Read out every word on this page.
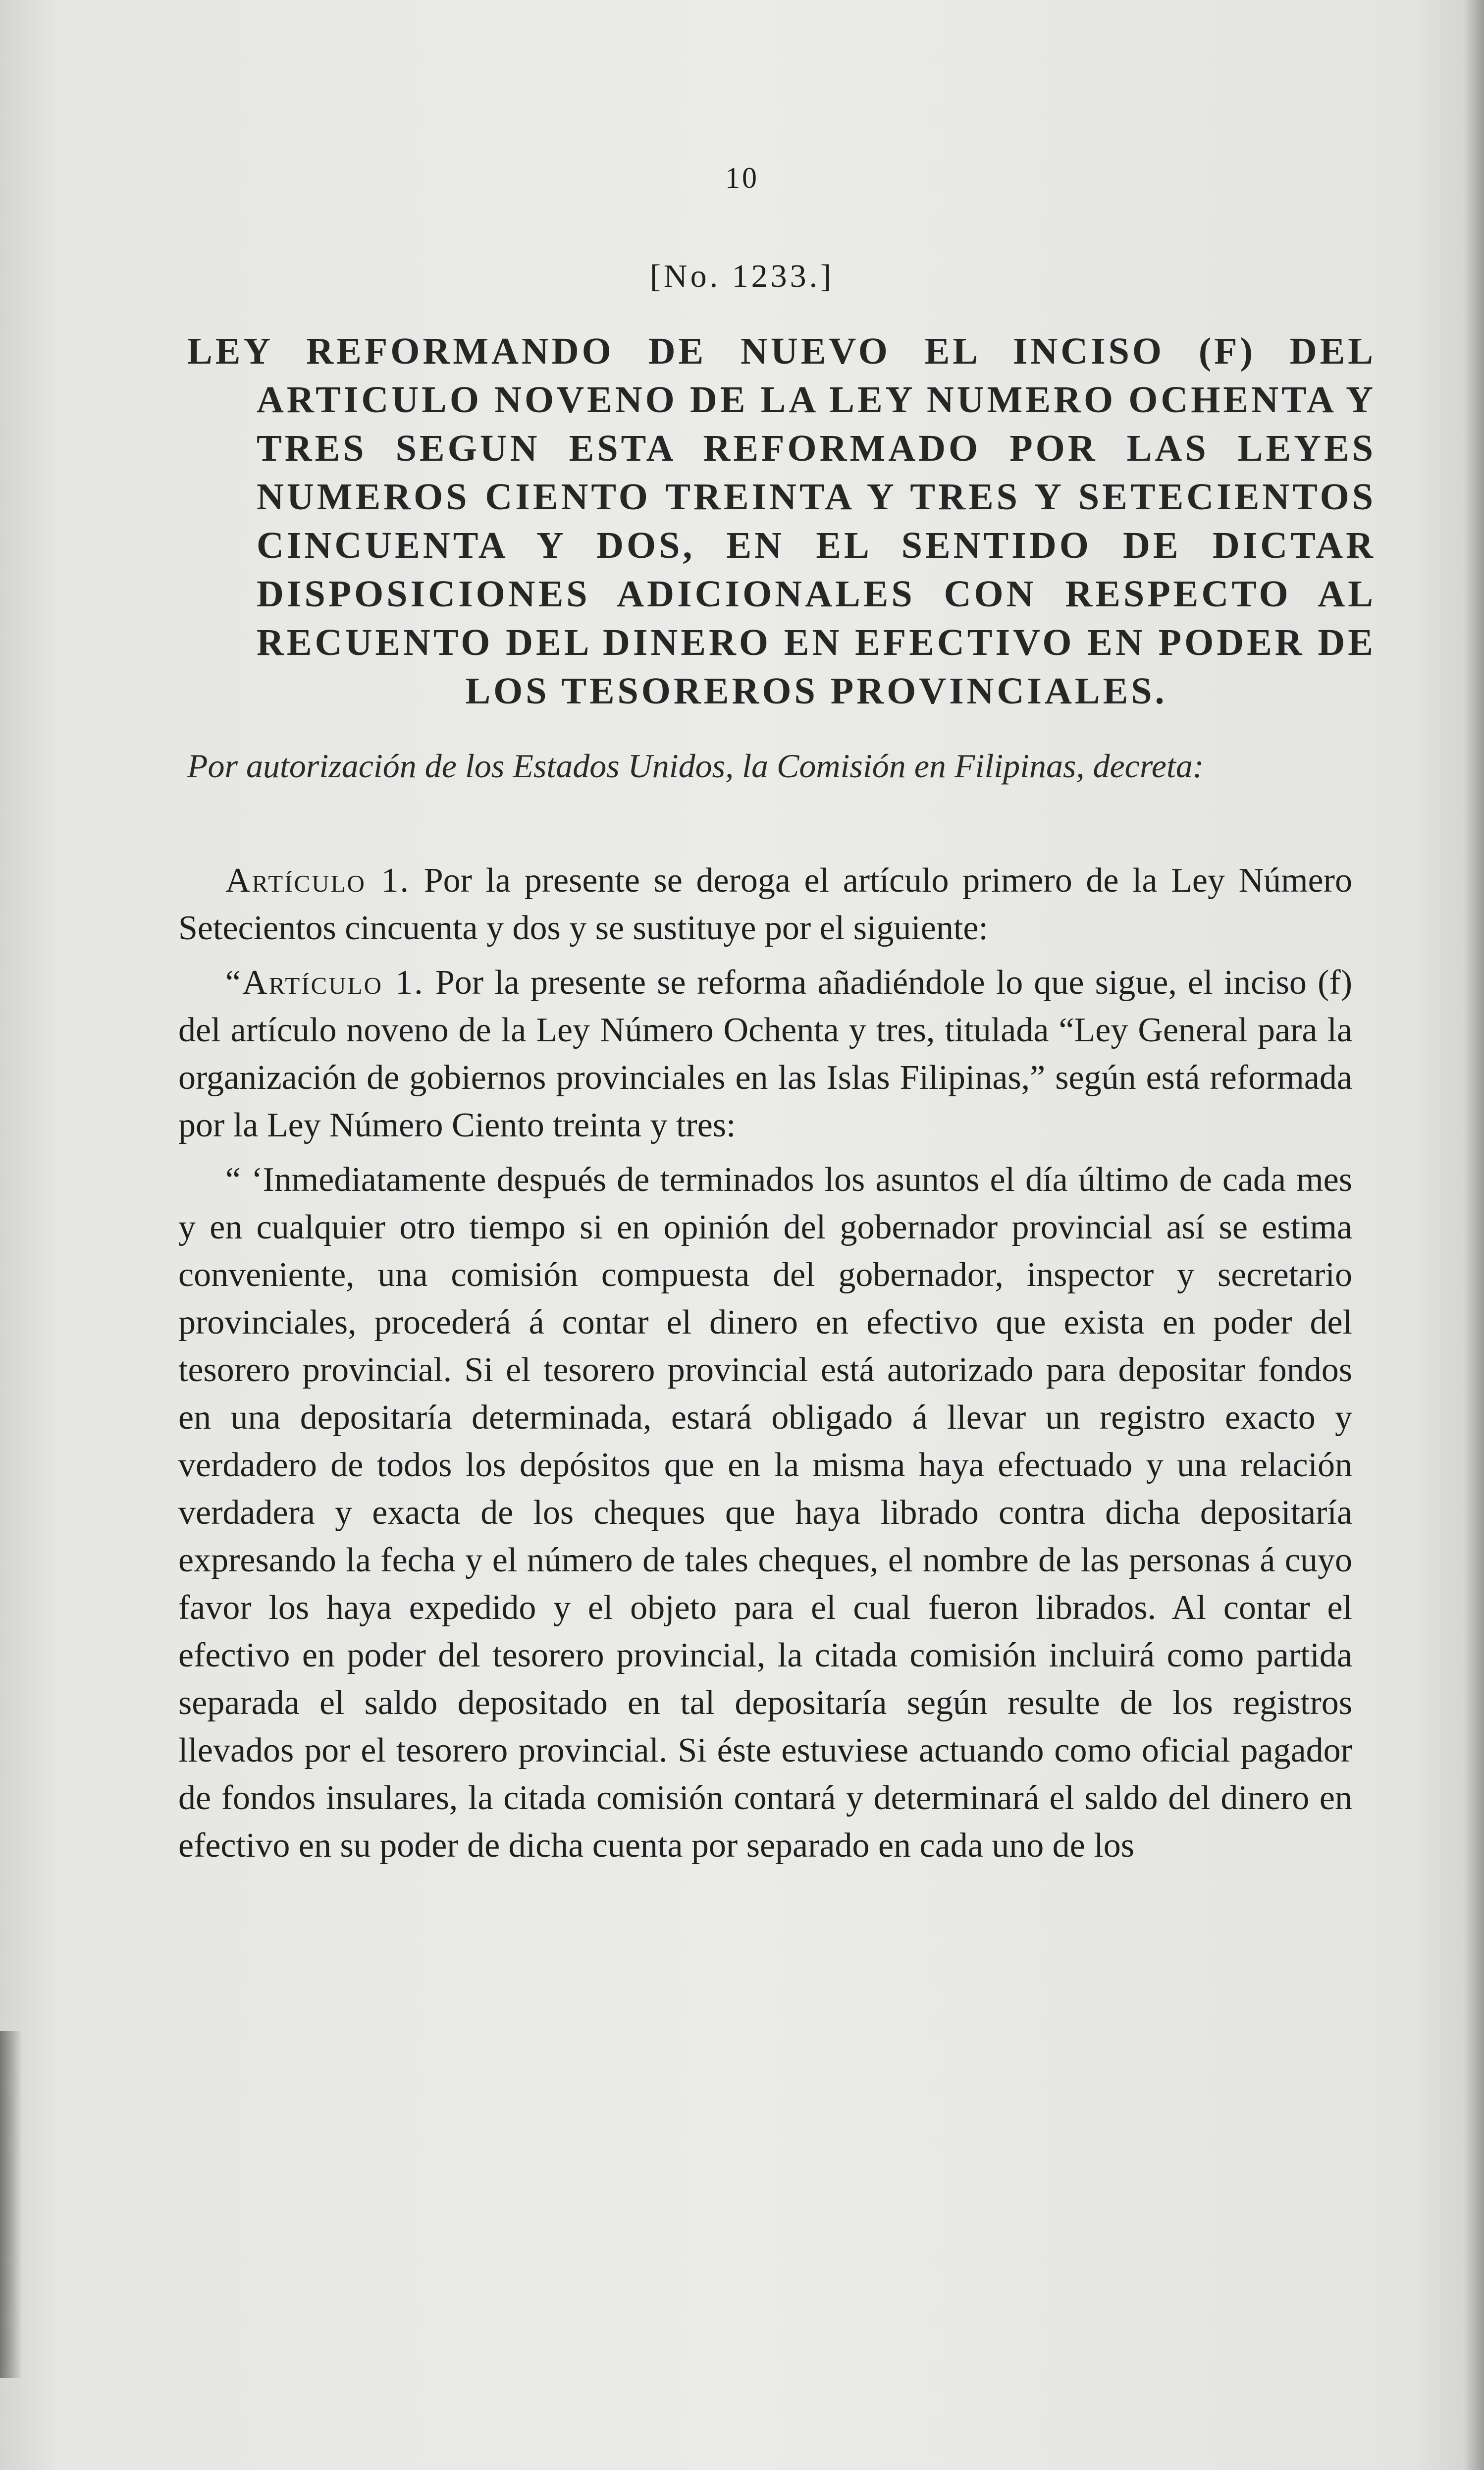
10
[No. 1233.]
LEY REFORMANDO DE NUEVO EL INCISO (F) DEL ARTICULO NOVENO DE LA LEY NUMERO OCHENTA Y TRES SEGUN ESTA REFORMADO POR LAS LEYES NUMEROS CIENTO TREINTA Y TRES Y SETECIENTOS CINCUENTA Y DOS, EN EL SENTIDO DE DICTAR DISPOSICIONES ADICIONALES CON RESPECTO AL RECUENTO DEL DINERO EN EFECTIVO EN PODER DE LOS TESOREROS PROVINCIALES.
Por autorización de los Estados Unidos, la Comisión en Filipinas, decreta:

Artículo 1. Por la presente se deroga el artículo primero de la Ley Número Setecientos cincuenta y dos y se sustituye por el siguiente:

“Artículo 1. Por la presente se reforma añadiéndole lo que sigue, el inciso (f) del artículo noveno de la Ley Número Ochenta y tres, titulada “Ley General para la organización de gobiernos provinciales en las Islas Filipinas,” según está reformada por la Ley Número Ciento treinta y tres:

“ ‘Inmediatamente después de terminados los asuntos el día último de cada mes y en cualquier otro tiempo si en opinión del gobernador provincial así se estima conveniente, una comisión compuesta del gobernador, inspector y secretario provinciales, procederá á contar el dinero en efectivo que exista en poder del tesorero provincial. Si el tesorero provincial está autorizado para depositar fondos en una depositaría determinada, estará obligado á llevar un registro exacto y verdadero de todos los depósitos que en la misma haya efectuado y una relación verdadera y exacta de los cheques que haya librado contra dicha depositaría expresando la fecha y el número de tales cheques, el nombre de las personas á cuyo favor los haya expedido y el objeto para el cual fueron librados. Al contar el efectivo en poder del tesorero provincial, la citada comisión incluirá como partida separada el saldo depositado en tal depositaría según resulte de los registros llevados por el tesorero provincial. Si éste estuviese actuando como oficial pagador de fondos insulares, la citada comisión contará y determinará el saldo del dinero en efectivo en su poder de dicha cuenta por separado en cada uno de los
